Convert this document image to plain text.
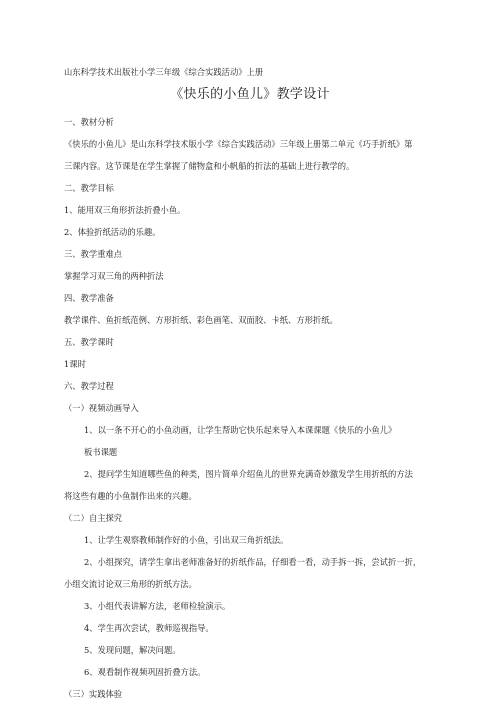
山东科学技术出版社小学三年级《综合实践活动》上册
《快乐的小鱼儿》教学设计
一、教材分析
《快乐的小鱼儿》是山东科学技术版小学《综合实践活动》三年级上册第二单元《巧手折纸》第
三课内容。这节课是在学生掌握了储物盒和小帆船的折法的基础上进行教学的。
二、教学目标
1、能用双三角形折法折叠小鱼。
2、体验折纸活动的乐趣。
三、教学重难点
掌握学习双三角的两种折法
四、教学准备
教学课件、鱼折纸范例、方形折纸、彩色画笔、双面胶、卡纸、方形折纸。
五、教学课时
1课时
六、教学过程
（一）视频动画导入
1、以一条不开心的小鱼动画，让学生帮助它快乐起来导入本课课题《快乐的小鱼儿》
板书课题
2、提问学生知道哪些鱼的种类，图片简单介绍鱼儿的世界充满奇妙激发学生用折纸的方法
将这些有趣的小鱼制作出来的兴趣。
（二）自主探究
1、让学生观察教师制作好的小鱼，引出双三角折纸法。
2、小组探究，请学生拿出老师准备好的折纸作品，仔细看一看，动手拆一拆，尝试折一折，
小组交流讨论双三角形的折纸方法。
3、小组代表讲解方法，老师检验演示。
4、学生再次尝试，教师巡视指导。
5、发现问题，解决问题。
6、观看制作视频巩固折叠方法。
（三）实践体验
